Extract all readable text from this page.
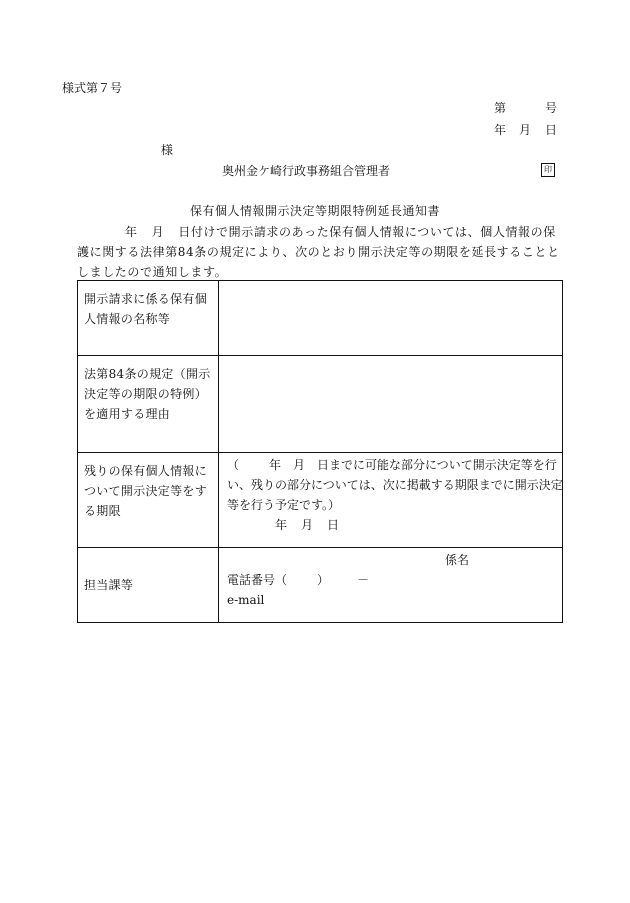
様式第７号
第	号
年 月 日
様
奥州金ケ崎行政事務組合管理者	印
保有個人情報開示決定等期限特例延長通知書
年 月 日付けで開示請求のあった保有個人情報については、個人情報の保護に関する法律第84条の規定により、次のとおり開示決定等の期限を延長することとしましたので通知します。
開示請求に係る保有個人情報の名称等	
法第84条の規定（開示決定等の期限の特例）を適用する理由	
残りの保有個人情報について開示決定等をする期限	（ 年 月 日までに可能な部分について開示決定等を行
い、残りの部分については、次に掲載する期限までに開示決定
等を行う予定です。）
年 月 日

担当課等	係名
電話番号（ ） －
e-mail
